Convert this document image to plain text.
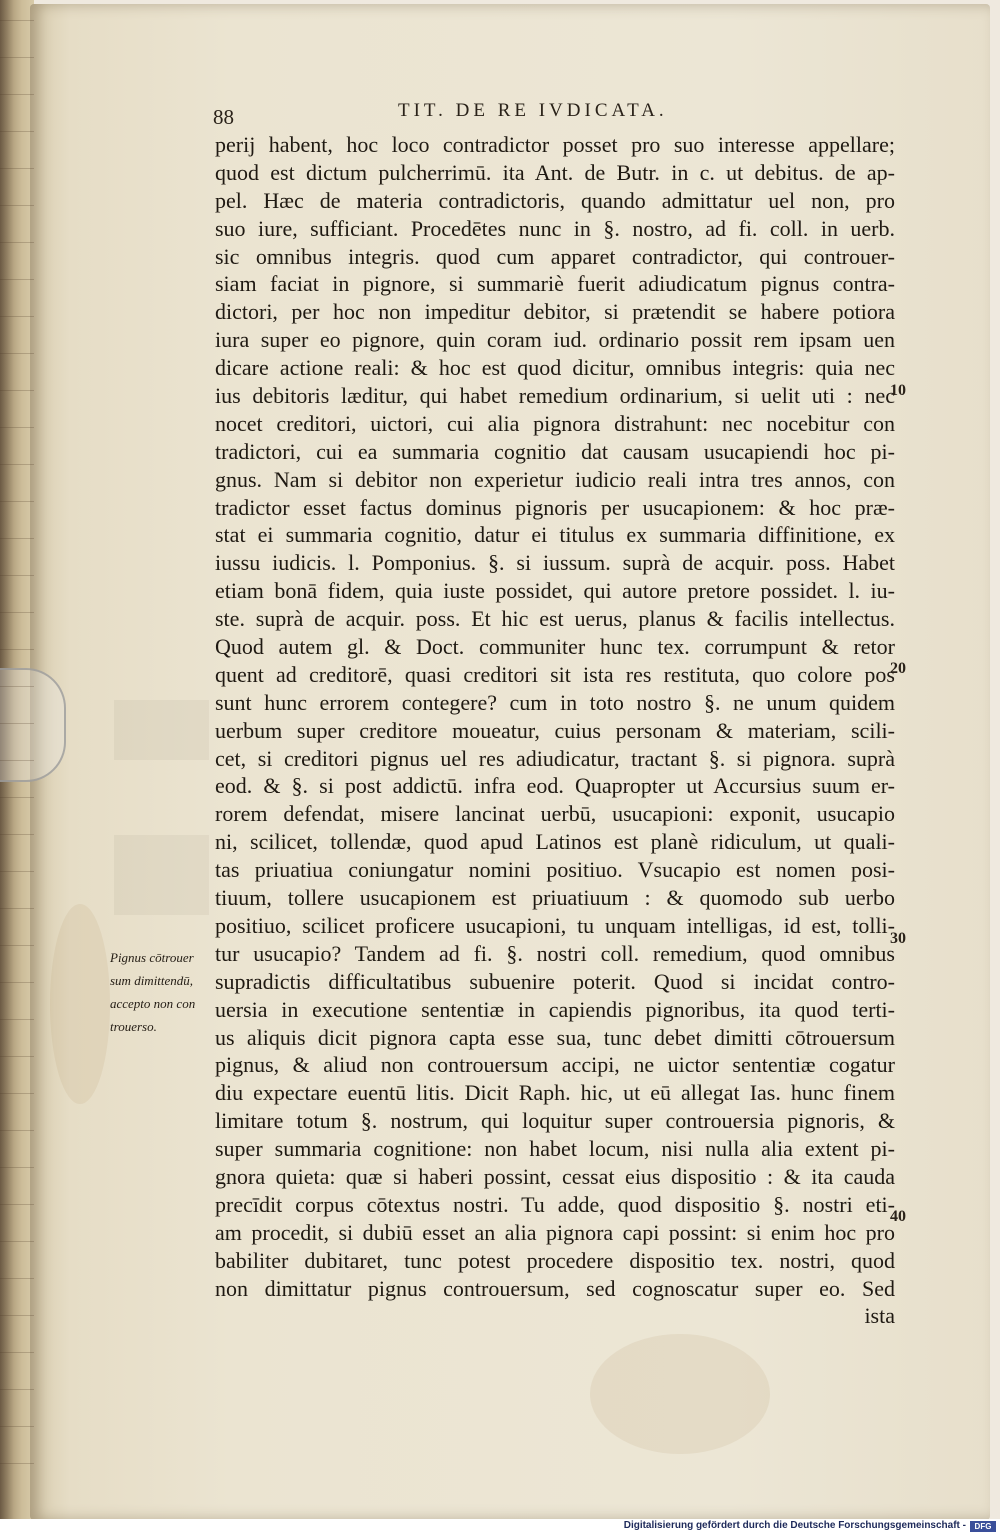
88	TIT. DE RE IVDICATA.
perij habent, hoc loco contradictor posset pro suo interesse appellare;
quod est dictum pulcherrimū. ita Ant. de Butr. in c. ut debitus. de ap-
pel. Hæc de materia contradictoris, quando admittatur uel non, pro
suo iure, sufficiant. Procedētes nunc in §. nostro, ad fi. coll. in uerb.
sic omnibus integris. quod cum apparet contradictor, qui controuer-
siam faciat in pignore, si summariè fuerit adiudicatum pignus contra-
dictori, per hoc non impeditur debitor, si prætendit se habere potiora
iura super eo pignore, quin coram iud. ordinario possit rem ipsam uen
dicare actione reali: & hoc est quod dicitur, omnibus integris: quia nec
ius debitoris læditur, qui habet remedium ordinarium, si uelit uti : nec
nocet creditori, uictori, cui alia pignora distrahunt: nec nocebitur con
tradictori, cui ea summaria cognitio dat causam usucapiendi hoc pi-
gnus. Nam si debitor non experietur iudicio reali intra tres annos, con
tradictor esset factus dominus pignoris per usucapionem: & hoc præ-
stat ei summaria cognitio, datur ei titulus ex summaria diffinitione, ex
iussu iudicis. l. Pomponius. §. si iussum. suprà de acquir. poss. Habet
etiam bonā fidem, quia iuste possidet, qui autore pretore possidet. l. iu-
ste. suprà de acquir. poss. Et hic est uerus, planus & facilis intellectus.
Quod autem gl. & Doct. communiter hunc tex. corrumpunt & retor
quent ad creditorē, quasi creditori sit ista res restituta, quo colore pos
sunt hunc errorem contegere? cum in toto nostro §. ne unum quidem
uerbum super creditore moueatur, cuius personam & materiam, scili-
cet, si creditori pignus uel res adiudicatur, tractant §. si pignora. suprà
eod. & §. si post addictū. infra eod. Quapropter ut Accursius suum er-
rorem defendat, misere lancinat uerbū, usucapioni: exponit, usucapio
ni, scilicet, tollendæ, quod apud Latinos est planè ridiculum, ut quali-
tas priuatiua coniungatur nomini positiuo. Vsucapio est nomen posi-
tiuum, tollere usucapionem est priuatiuum : & quomodo sub uerbo
positiuo, scilicet proficere usucapioni, tu unquam intelligas, id est, tolli-
tur usucapio? Tandem ad fi. §. nostri coll. remedium, quod omnibus
supradictis difficultatibus subuenire poterit. Quod si incidat contro-
uersia in executione sententiæ in capiendis pignoribus, ita quod terti-
us aliquis dicit pignora capta esse sua, tunc debet dimitti cōtrouersum
pignus, & aliud non controuersum accipi, ne uictor sententiæ cogatur
diu expectare euentū litis. Dicit Raph. hic, ut eū allegat Ias. hunc finem
limitare totum §. nostrum, qui loquitur super controuersia pignoris, &
super summaria cognitione: non habet locum, nisi nulla alia extent pi-
gnora quieta: quæ si haberi possint, cessat eius dispositio : & ita cauda
precīdit corpus cōtextus nostri. Tu adde, quod dispositio §. nostri eti-
am procedit, si dubiū esset an alia pignora capi possint: si enim hoc pro
babiliter dubitaret, tunc potest procedere dispositio tex. nostri, quod
non dimittatur pignus controuersum, sed cognoscatur super eo. Sed
ista
10
20
30
40
Pignus cōtrouer
sum dimittendū,
accepto non con
trouerso.
Digitalisierung gefördert durch die Deutsche Forschungsgemeinschaft -	DFG
